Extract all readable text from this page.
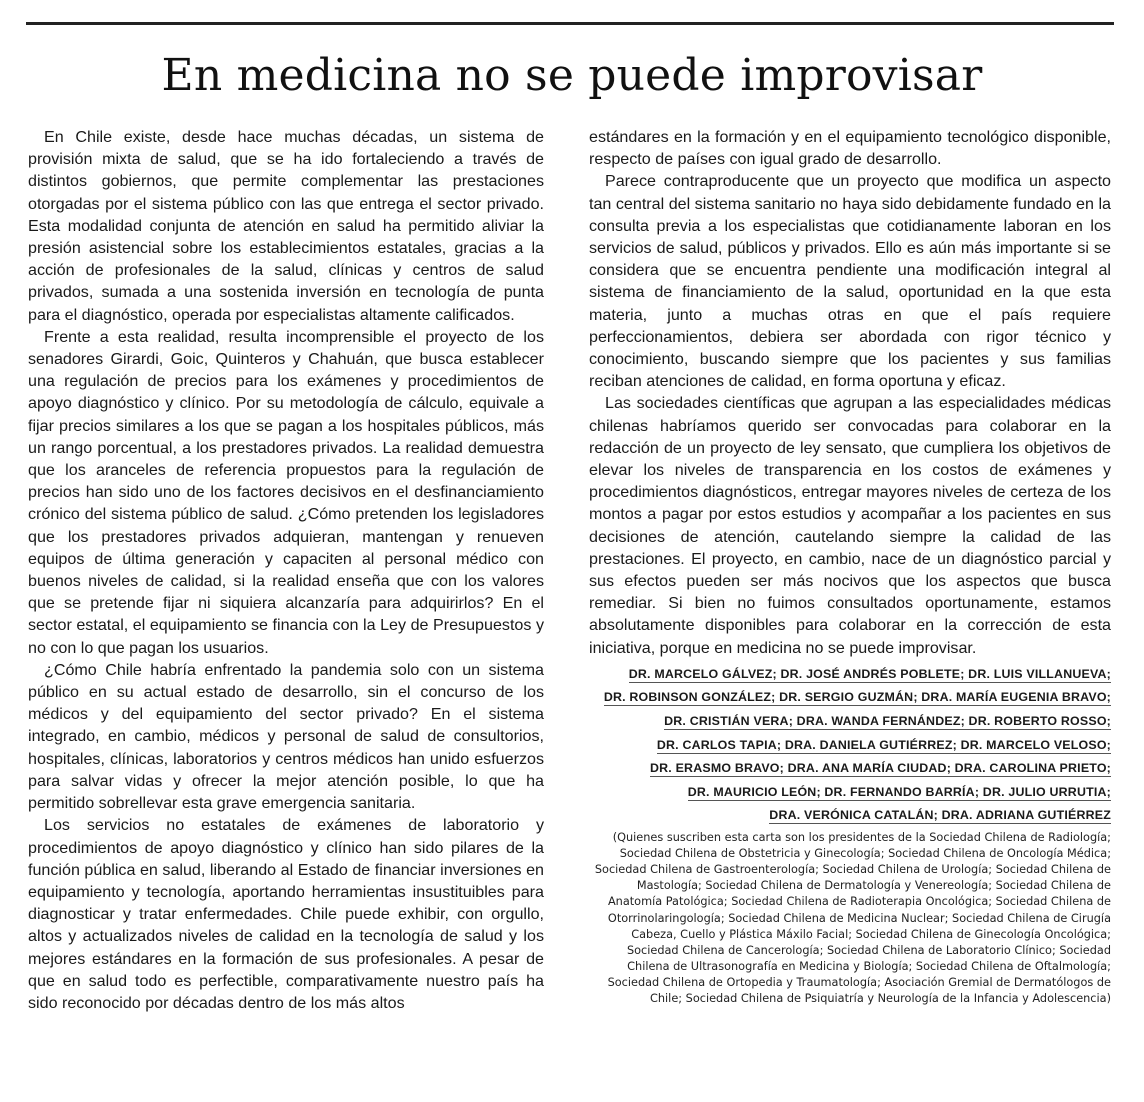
En medicina no se puede improvisar

En Chile existe, desde hace muchas décadas, un sistema de provisión mixta de salud, que se ha ido fortaleciendo a través de distintos gobiernos, que permite complementar las prestaciones otorgadas por el sistema público con las que entrega el sector privado. Esta modalidad conjunta de atención en salud ha permitido aliviar la presión asistencial sobre los establecimientos estatales, gracias a la acción de profesionales de la salud, clínicas y centros de salud privados, sumada a una sostenida inversión en tecnología de punta para el diagnóstico, operada por especialistas altamente calificados.

Frente a esta realidad, resulta incomprensible el proyecto de los senadores Girardi, Goic, Quinteros y Chahuán, que busca establecer una regulación de precios para los exámenes y procedimientos de apoyo diagnóstico y clínico. Por su metodología de cálculo, equivale a fijar precios similares a los que se pagan a los hospitales públicos, más un rango porcentual, a los prestadores privados. La realidad demuestra que los aranceles de referencia propuestos para la regulación de precios han sido uno de los factores decisivos en el desfinanciamiento crónico del sistema público de salud. ¿Cómo pretenden los legisladores que los prestadores privados adquieran, mantengan y renueven equipos de última generación y capaciten al personal médico con buenos niveles de calidad, si la realidad enseña que con los valores que se pretende fijar ni siquiera alcanzaría para adquirirlos? En el sector estatal, el equipamiento se financia con la Ley de Presupuestos y no con lo que pagan los usuarios.

¿Cómo Chile habría enfrentado la pandemia solo con un sistema público en su actual estado de desarrollo, sin el concurso de los médicos y del equipamiento del sector privado? En el sistema integrado, en cambio, médicos y personal de salud de consultorios, hospitales, clínicas, laboratorios y centros médicos han unido esfuerzos para salvar vidas y ofrecer la mejor atención posible, lo que ha permitido sobrellevar esta grave emergencia sanitaria.

Los servicios no estatales de exámenes de laboratorio y procedimientos de apoyo diagnóstico y clínico han sido pilares de la función pública en salud, liberando al Estado de financiar inversiones en equipamiento y tecnología, aportando herramientas insustituibles para diagnosticar y tratar enfermedades. Chile puede exhibir, con orgullo, altos y actualizados niveles de calidad en la tecnología de salud y los mejores estándares en la formación de sus profesionales. A pesar de que en salud todo es perfectible, comparativamente nuestro país ha sido reconocido por décadas dentro de los más altos

estándares en la formación y en el equipamiento tecnológico disponible, respecto de países con igual grado de desarrollo.

Parece contraproducente que un proyecto que modifica un aspecto tan central del sistema sanitario no haya sido debidamente fundado en la consulta previa a los especialistas que cotidianamente laboran en los servicios de salud, públicos y privados. Ello es aún más importante si se considera que se encuentra pendiente una modificación integral al sistema de financiamiento de la salud, oportunidad en la que esta materia, junto a muchas otras en que el país requiere perfeccionamientos, debiera ser abordada con rigor técnico y conocimiento, buscando siempre que los pacientes y sus familias reciban atenciones de calidad, en forma oportuna y eficaz.

Las sociedades científicas que agrupan a las especialidades médicas chilenas habríamos querido ser convocadas para colaborar en la redacción de un proyecto de ley sensato, que cumpliera los objetivos de elevar los niveles de transparencia en los costos de exámenes y procedimientos diagnósticos, entregar mayores niveles de certeza de los montos a pagar por estos estudios y acompañar a los pacientes en sus decisiones de atención, cautelando siempre la calidad de las prestaciones. El proyecto, en cambio, nace de un diagnóstico parcial y sus efectos pueden ser más nocivos que los aspectos que busca remediar. Si bien no fuimos consultados oportunamente, estamos absolutamente disponibles para colaborar en la corrección de esta iniciativa, porque en medicina no se puede improvisar.

DR. MARCELO GÁLVEZ; DR. JOSÉ ANDRÉS POBLETE; DR. LUIS VILLANUEVA;

DR. ROBINSON GONZÁLEZ; DR. SERGIO GUZMÁN; DRA. MARÍA EUGENIA BRAVO;

DR. CRISTIÁN VERA; DRA. WANDA FERNÁNDEZ; DR. ROBERTO ROSSO;

DR. CARLOS TAPIA; DRA. DANIELA GUTIÉRREZ; DR. MARCELO VELOSO;

DR. ERASMO BRAVO; DRA. ANA MARÍA CIUDAD; DRA. CAROLINA PRIETO;

DR. MAURICIO LEÓN; DR. FERNANDO BARRÍA; DR. JULIO URRUTIA;

DRA. VERÓNICA CATALÁN; DRA. ADRIANA GUTIÉRREZ

(Quienes suscriben esta carta son los presidentes de la Sociedad Chilena de Radiología; Sociedad Chilena de Obstetricia y Ginecología; Sociedad Chilena de Oncología Médica; Sociedad Chilena de Gastroenterología; Sociedad Chilena de Urología; Sociedad Chilena de Mastología; Sociedad Chilena de Dermatología y Venereología; Sociedad Chilena de Anatomía Patológica; Sociedad Chilena de Radioterapia Oncológica; Sociedad Chilena de Otorrinolaringología; Sociedad Chilena de Medicina Nuclear; Sociedad Chilena de Cirugía Cabeza, Cuello y Plástica Máxilo Facial; Sociedad Chilena de Ginecología Oncológica; Sociedad Chilena de Cancerología; Sociedad Chilena de Laboratorio Clínico; Sociedad Chilena de Ultrasonografía en Medicina y Biología; Sociedad Chilena de Oftalmología; Sociedad Chilena de Ortopedia y Traumatología; Asociación Gremial de Dermatólogos de Chile; Sociedad Chilena de Psiquiatría y Neurología de la Infancia y Adolescencia)
